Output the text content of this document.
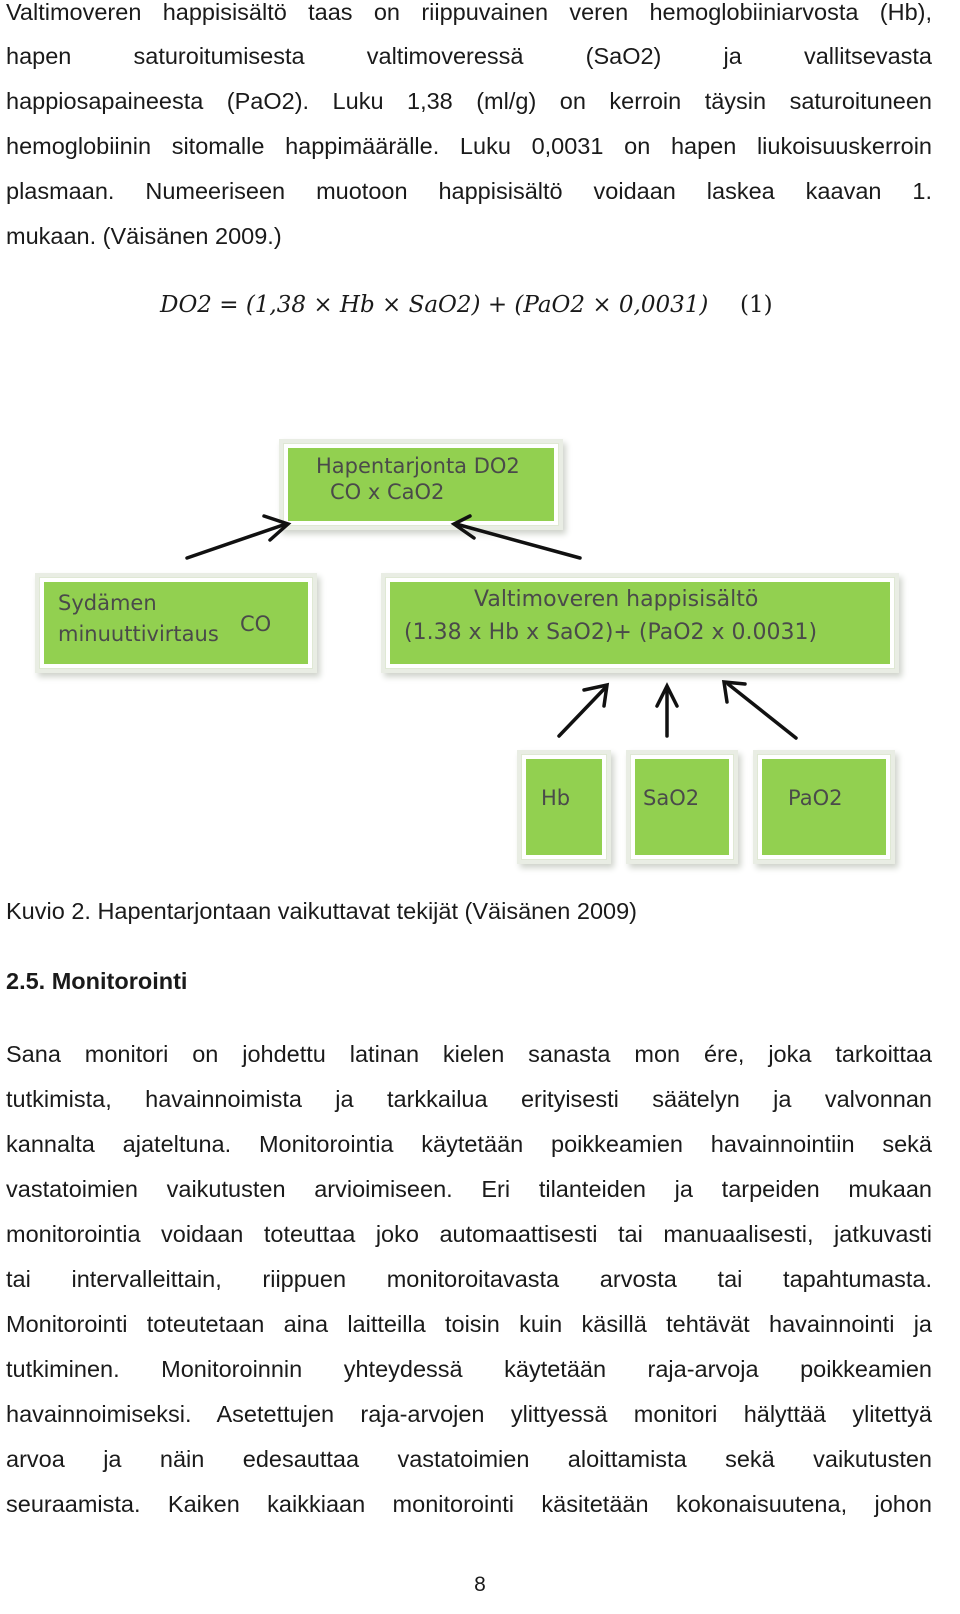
Valtimoveren happisisältö taas on riippuvainen veren hemoglobiiniarvosta (Hb),
hapen saturoitumisesta valtimoveressä (SaO2) ja vallitsevasta
happiosapaineesta (PaO2). Luku 1,38 (ml/g) on kerroin täysin saturoituneen
hemoglobiinin sitomalle happimäärälle. Luku 0,0031 on hapen liukoisuuskerroin
plasmaan. Numeeriseen muotoon happisisältö voidaan laskea kaavan 1.
mukaan. (Väisänen 2009.)
DO2 = (1,38 × Hb × SaO2) + (PaO2 × 0,0031) (1)
Hapentarjonta DO2
CO x CaO2
Sydämen
minuuttivirtaus CO
Valtimoveren happisisältö
(1.38 x Hb x SaO2)+ (PaO2 x 0.0031)
Hb	SaO2	PaO2
Kuvio 2. Hapentarjontaan vaikuttavat tekijät (Väisänen 2009)
2.5. Monitorointi
Sana monitori on johdettu latinan kielen sanasta mon ére, joka tarkoittaa
tutkimista, havainnoimista ja tarkkailua erityisesti säätelyn ja valvonnan
kannalta ajateltuna. Monitorointia käytetään poikkeamien havainnointiin sekä
vastatoimien vaikutusten arvioimiseen. Eri tilanteiden ja tarpeiden mukaan
monitorointia voidaan toteuttaa joko automaattisesti tai manuaalisesti, jatkuvasti
tai intervalleittain, riippuen monitoroitavasta arvosta tai tapahtumasta.
Monitorointi toteutetaan aina laitteilla toisin kuin käsillä tehtävät havainnointi ja
tutkiminen. Monitoroinnin yhteydessä käytetään raja-arvoja poikkeamien
havainnoimiseksi. Asetettujen raja-arvojen ylittyessä monitori hälyttää ylitettyä
arvoa ja näin edesauttaa vastatoimien aloittamista sekä vaikutusten
seuraamista. Kaiken kaikkiaan monitorointi käsitetään kokonaisuutena, johon
8
